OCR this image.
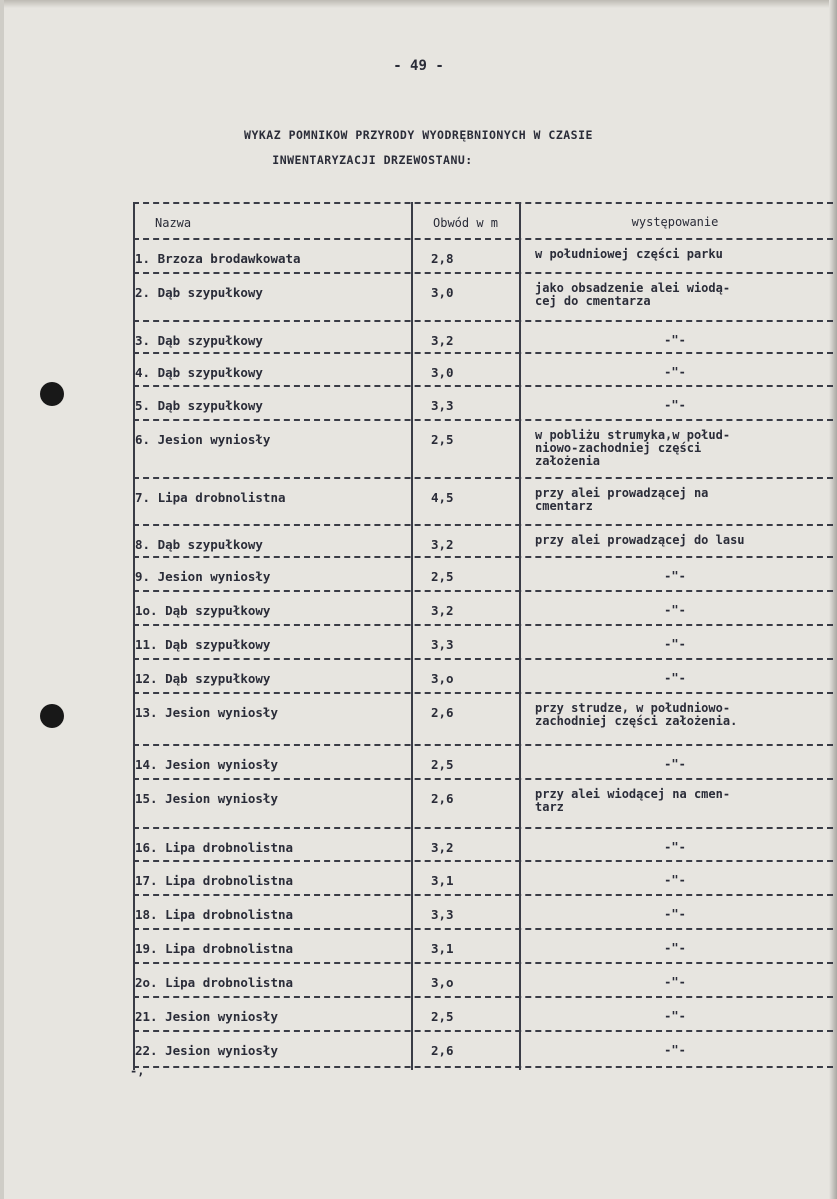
- 49 -
WYKAZ POMNIKOW PRZYRODY WYODRĘBNIONYCH W CZASIE
INWENTARYZACJI DRZEWOSTANU:
Nazwa	Obwód w m	występowanie
1. Brzoza brodawkowata	2,8	w południowej części parku
2. Dąb szypułkowy	3,0	jako obsadzenie alei wiodą-
cej do cmentarza
3. Dąb szypułkowy	3,2	-"-
4. Dąb szypułkowy	3,0	-"-
5. Dąb szypułkowy	3,3	-"-
6. Jesion wyniosły	2,5	w pobliżu strumyka,w połud-
niowo-zachodniej części
założenia
7. Lipa drobnolistna	4,5	przy alei prowadzącej na
cmentarz
8. Dąb szypułkowy	3,2	przy alei prowadzącej do lasu
9. Jesion wyniosły	2,5	-"-
1o. Dąb szypułkowy	3,2	-"-
11. Dąb szypułkowy	3,3	-"-
12. Dąb szypułkowy	3,o	-"-
13. Jesion wyniosły	2,6	przy strudze, w południowo-
zachodniej części założenia.
14. Jesion wyniosły	2,5	-"-
15. Jesion wyniosły	2,6	przy alei wiodącej na cmen-
tarz
16. Lipa drobnolistna	3,2	-"-
17. Lipa drobnolistna	3,1	-"-
18. Lipa drobnolistna	3,3	-"-
19. Lipa drobnolistna	3,1	-"-
2o. Lipa drobnolistna	3,o	-"-
21. Jesion wyniosły	2,5	-"-
22. Jesion wyniosły	2,6	-"-
-,
